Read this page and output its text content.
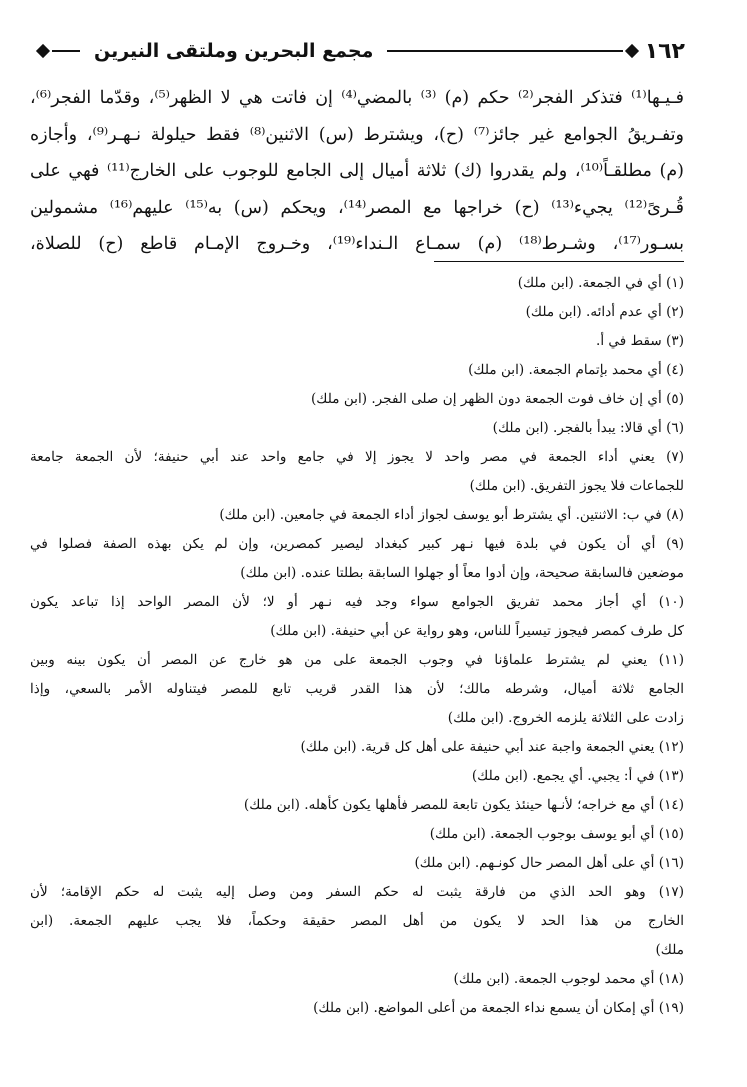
١٦٢
مجمع البحرين وملتقى النيرين
فـيـها⁽¹⁾ فتذكر الفجر⁽²⁾ حكم (م) ⁽³⁾ بالمضي⁽⁴⁾ إن فاتت هي لا الظهر⁽⁵⁾، وقدّما الفجر⁽⁶⁾،
وتفـريقُ الجوامع غير جائز⁽⁷⁾ (ح)، ويشترط (س) الاثنين⁽⁸⁾ فقط حيلولة نـهـر⁽⁹⁾، وأجازه
(م) مطلقـاً⁽¹⁰⁾، ولم يقدروا (ك) ثلاثة أميال إلى الجامع للوجوب على الخارج⁽¹¹⁾ فهي على
قُـرىً⁽¹²⁾ يجيء⁽¹³⁾ (ح) خراجها مع المصر⁽¹⁴⁾، ويحكم (س) به⁽¹⁵⁾ عليهم⁽¹⁶⁾ مشمولين
بسـور⁽¹⁷⁾، وشـرط⁽¹⁸⁾ (م) سمـاع الـنداء⁽¹⁹⁾، وخـروج الإمـام قاطع (ح) للصلاة،
(١) أي في الجمعة. (ابن ملك)
(٢) أي عدم أدائه. (ابن ملك)
(٣) سقط في أ.
(٤) أي محمد بإتمام الجمعة. (ابن ملك)
(٥) أي إن خاف فوت الجمعة دون الظهر إن صلى الفجر. (ابن ملك)
(٦) أي قالا: يبدأ بالفجر. (ابن ملك)
(٧) يعني أداء الجمعة في مصر واحد لا يجوز إلا في جامع واحد عند أبي حنيفة؛ لأن الجمعة جامعة
للجماعات فلا يجوز التفريق. (ابن ملك)
(٨) في ب: الاثنتين. أي يشترط أبو يوسف لجواز أداء الجمعة في جامعين. (ابن ملك)
(٩) أي أن يكون في بلدة فيها نـهر كبير كبغداد ليصير كمصرين، وإن لم يكن بهذه الصفة فصلوا في
موضعين فالسابقة صحيحة، وإن أدوا معاً أو جهلوا السابقة بطلتا عنده. (ابن ملك)
(١٠) أي أجاز محمد تفريق الجوامع سواء وجد فيه نـهر أو لا؛ لأن المصر الواحد إذا تباعد يكون
كل طرف كمصر فيجوز تيسيراً للناس، وهو رواية عن أبي حنيفة. (ابن ملك)
(١١) يعني لم يشترط علماؤنا في وجوب الجمعة على من هو خارج عن المصر أن يكون بينه وبين
الجامع ثلاثة أميال، وشرطه مالك؛ لأن هذا القدر قريب تابع للمصر فيتناوله الأمر بالسعي، وإذا
زادت على الثلاثة يلزمه الخروج. (ابن ملك)
(١٢) يعني الجمعة واجبة عند أبي حنيفة على أهل كل قرية. (ابن ملك)
(١٣) في أ: يجبي. أي يجمع. (ابن ملك)
(١٤) أي مع خراجه؛ لأنـها حينئذ يكون تابعة للمصر فأهلها يكون كأهله. (ابن ملك)
(١٥) أي أبو يوسف بوجوب الجمعة. (ابن ملك)
(١٦) أي على أهل المصر حال كونـهم. (ابن ملك)
(١٧) وهو الحد الذي من فارقة يثبت له حكم السفر ومن وصل إليه يثبت له حكم الإقامة؛ لأن
الخارج من هذا الحد لا يكون من أهل المصر حقيقة وحكماً، فلا يجب عليهم الجمعة. (ابن
ملك)
(١٨) أي محمد لوجوب الجمعة. (ابن ملك)
(١٩) أي إمكان أن يسمع نداء الجمعة من أعلى المواضع. (ابن ملك)
